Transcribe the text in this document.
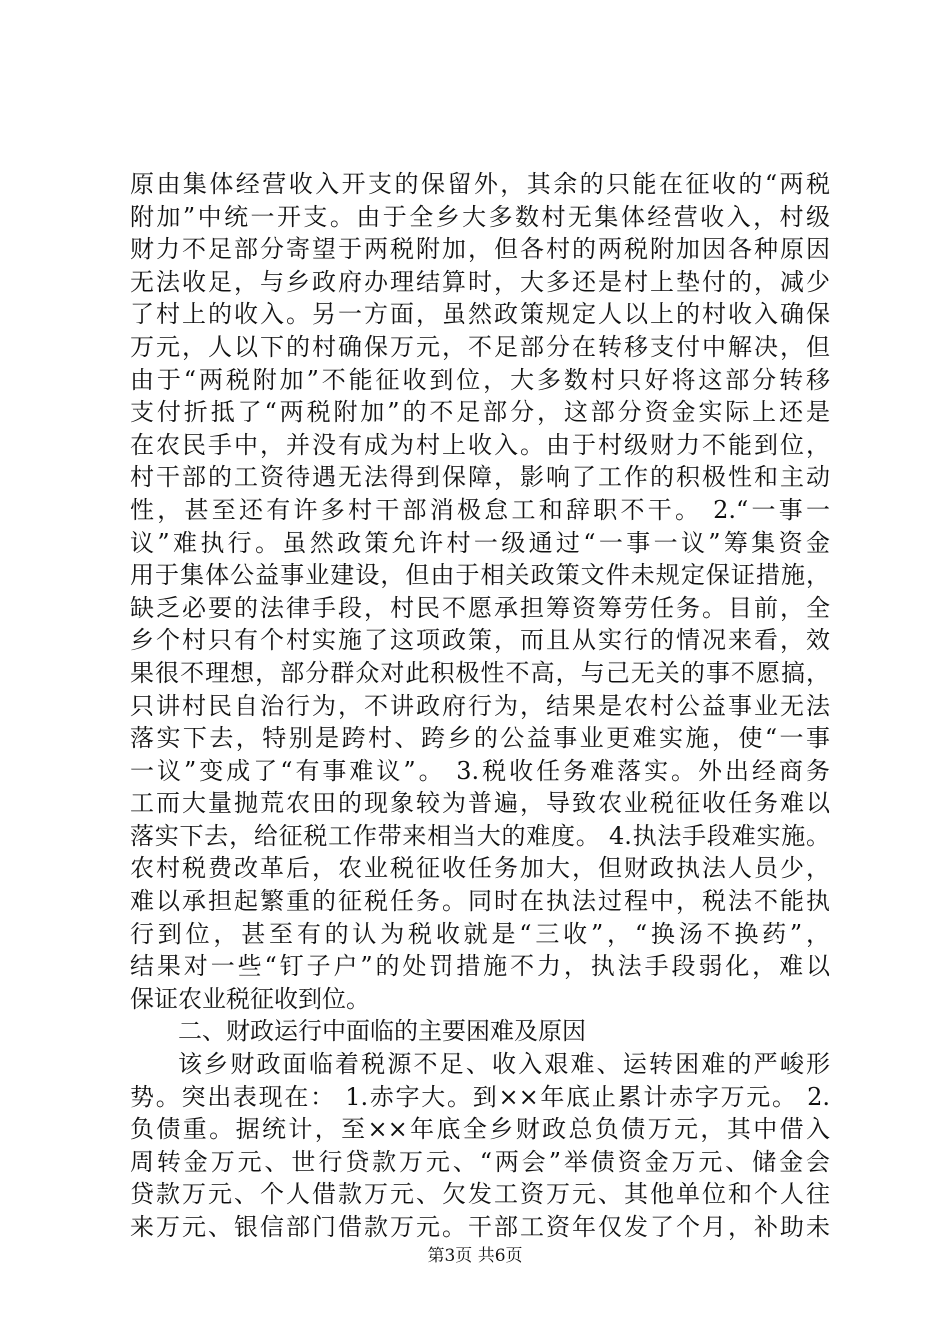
原由集体经营收入开支的保留外，其余的只能在征收的“两税
附加”中统一开支。由于全乡大多数村无集体经营收入，村级
财力不足部分寄望于两税附加，但各村的两税附加因各种原因
无法收足，与乡政府办理结算时，大多还是村上垫付的，减少
了村上的收入。另一方面，虽然政策规定人以上的村收入确保
万元，人以下的村确保万元，不足部分在转移支付中解决，但
由于“两税附加”不能征收到位，大多数村只好将这部分转移
支付折抵了“两税附加”的不足部分，这部分资金实际上还是
在农民手中，并没有成为村上收入。由于村级财力不能到位，
村干部的工资待遇无法得到保障，影响了工作的积极性和主动
性，甚至还有许多村干部消极怠工和辞职不干。 2.“一事一
议”难执行。虽然政策允许村一级通过“一事一议”筹集资金
用于集体公益事业建设，但由于相关政策文件未规定保证措施，
缺乏必要的法律手段，村民不愿承担筹资筹劳任务。目前，全
乡个村只有个村实施了这项政策，而且从实行的情况来看，效
果很不理想，部分群众对此积极性不高，与己无关的事不愿搞，
只讲村民自治行为，不讲政府行为，结果是农村公益事业无法
落实下去，特别是跨村、跨乡的公益事业更难实施，使“一事
一议”变成了“有事难议”。 3.税收任务难落实。外出经商务
工而大量抛荒农田的现象较为普遍，导致农业税征收任务难以
落实下去，给征税工作带来相当大的难度。 4.执法手段难实施。
农村税费改革后，农业税征收任务加大，但财政执法人员少，
难以承担起繁重的征税任务。同时在执法过程中，税法不能执
行到位，甚至有的认为税收就是“三收”，“换汤不换药”，
结果对一些“钉子户”的处罚措施不力，执法手段弱化，难以
保证农业税征收到位。
二、财政运行中面临的主要困难及原因
该乡财政面临着税源不足、收入艰难、运转困难的严峻形
势。突出表现在： 1.赤字大。到××年底止累计赤字万元。 2.
负债重。据统计，至××年底全乡财政总负债万元，其中借入
周转金万元、世行贷款万元、“两会”举债资金万元、储金会
贷款万元、个人借款万元、欠发工资万元、其他单位和个人往
来万元、银信部门借款万元。干部工资年仅发了个月，补助未
第3页 共6页
